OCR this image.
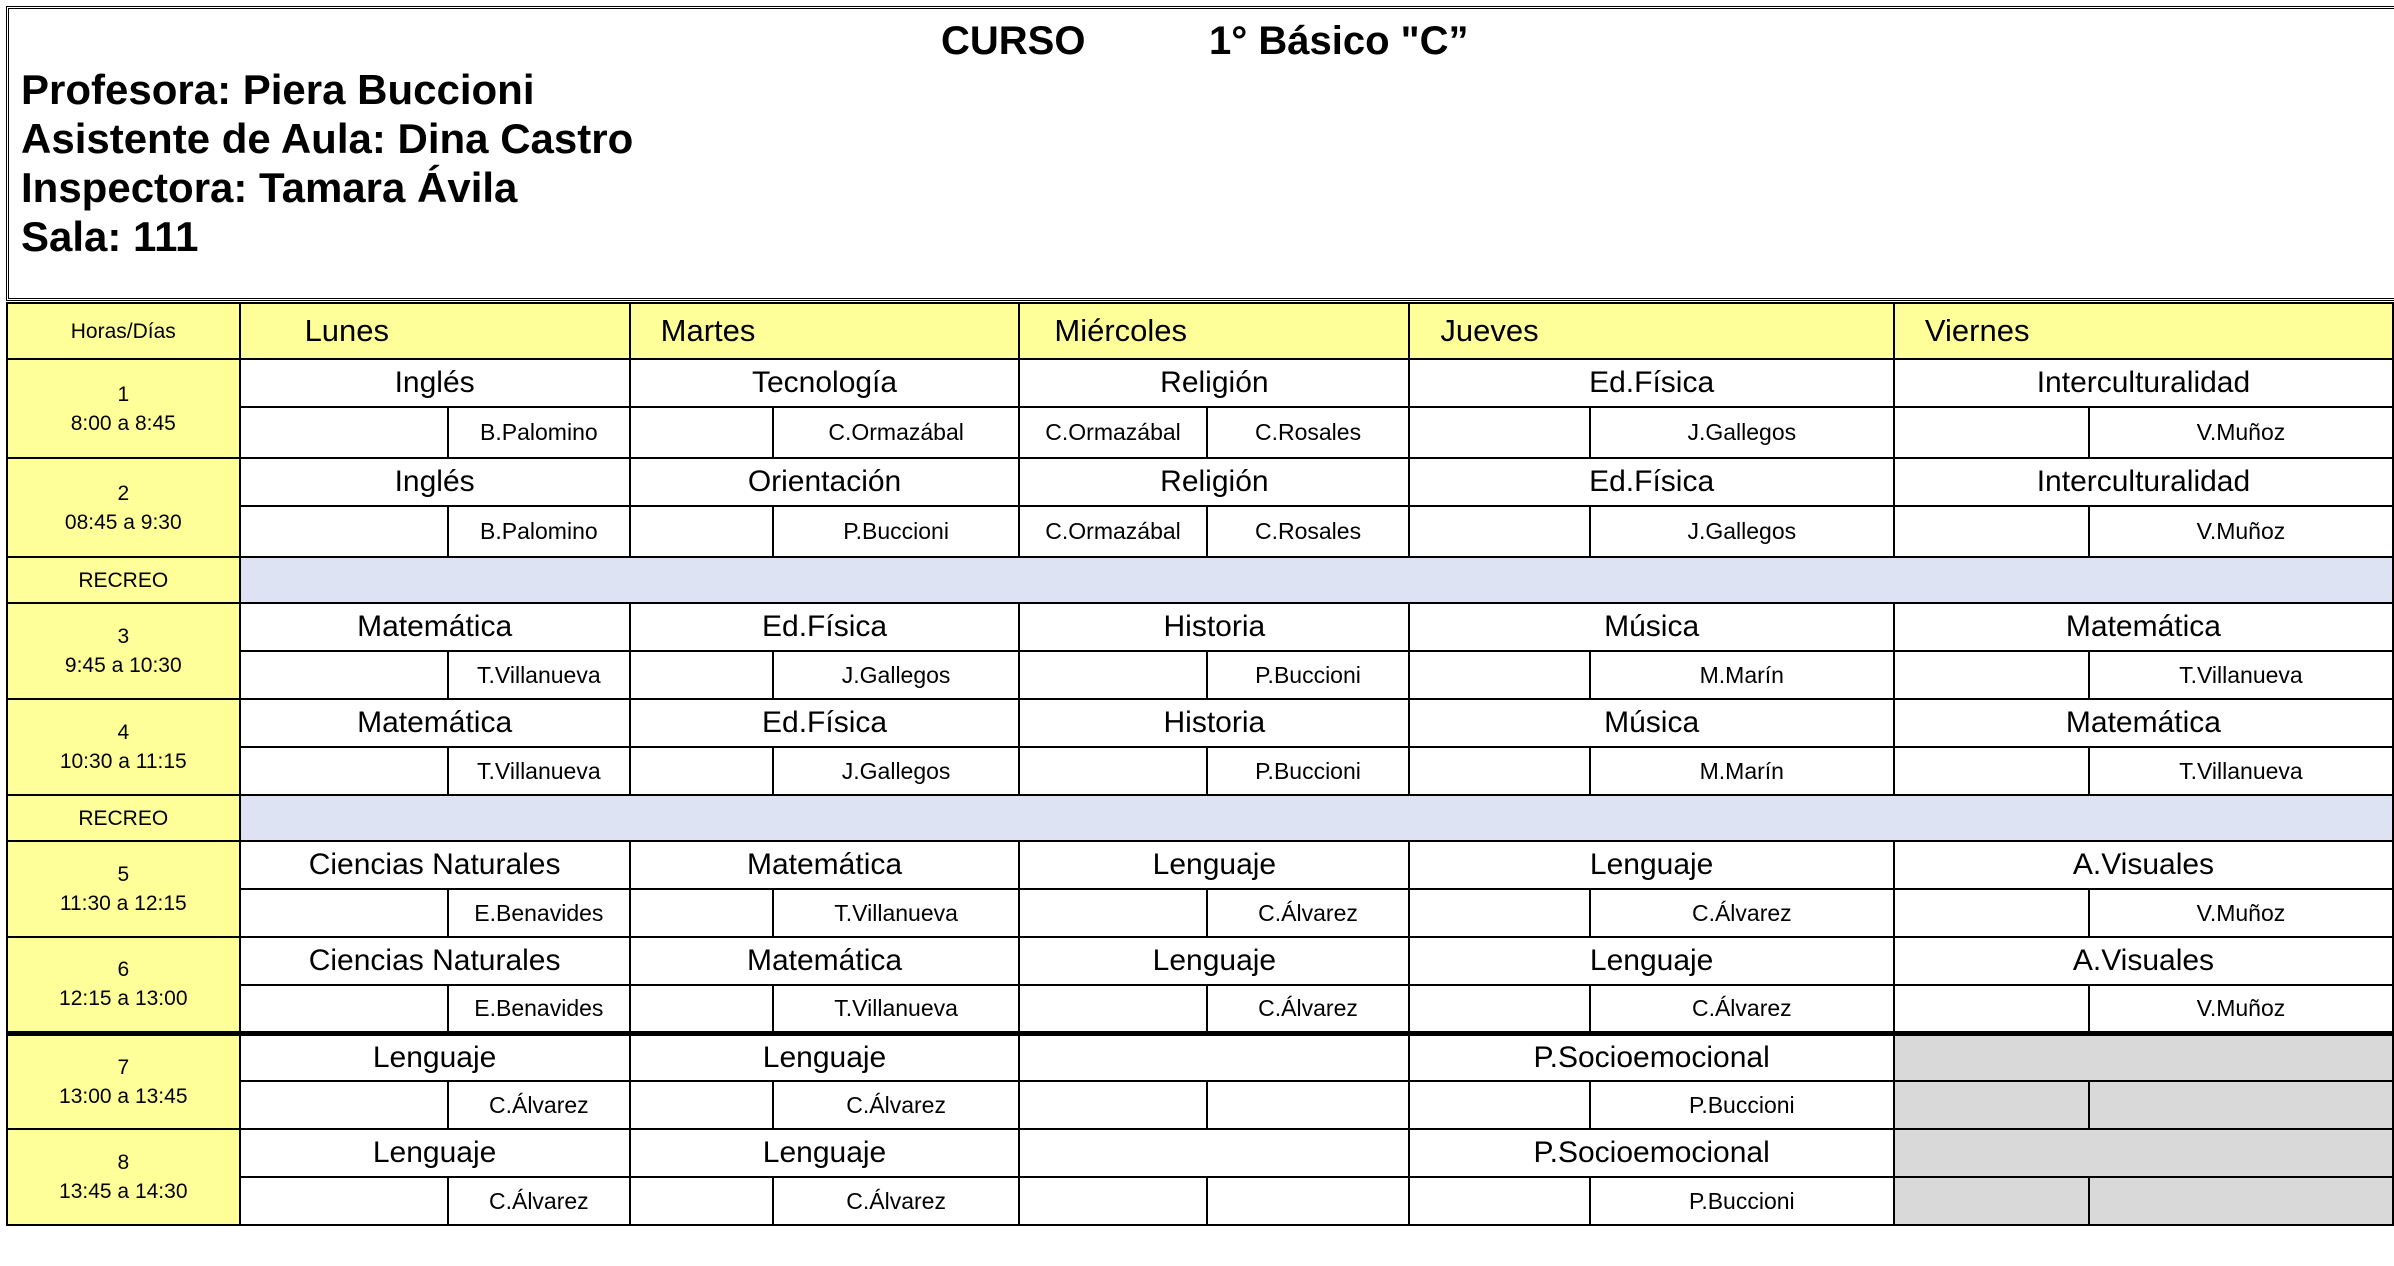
CURSO	1° Básico "C”
Profesora: Piera Buccioni
Asistente de Aula: Dina Castro
Inspectora: Tamara Ávila
Sala: 111
Horas/Días	Lunes		Martes		Miércoles		Jueves		Viernes	

1
8:00 a 8:45	Inglés		Tecnología		Religión		Ed.Física		Interculturalidad	
		B.Palomino		C.Ormazábal	C.Ormazábal	C.Rosales		J.Gallegos		V.Muñoz

2
08:45 a 9:30	Inglés		Orientación		Religión		Ed.Física		Interculturalidad	
		B.Palomino		P.Buccioni	C.Ormazábal	C.Rosales		J.Gallegos		V.Muñoz
RECREO										

3
9:45 a 10:30	Matemática		Ed.Física		Historia		Música		Matemática	
		T.Villanueva		J.Gallegos		P.Buccioni		M.Marín		T.Villanueva

4
10:30 a 11:15	Matemática		Ed.Física		Historia		Música		Matemática	
		T.Villanueva		J.Gallegos		P.Buccioni		M.Marín		T.Villanueva
RECREO										

5
11:30 a 12:15	Ciencias Naturales		Matemática		Lenguaje		Lenguaje		A.Visuales	
		E.Benavides		T.Villanueva		C.Álvarez		C.Álvarez		V.Muñoz

6
12:15 a 13:00	Ciencias Naturales		Matemática		Lenguaje		Lenguaje		A.Visuales	
		E.Benavides		T.Villanueva		C.Álvarez		C.Álvarez		V.Muñoz

7
13:00 a 13:45	Lenguaje		Lenguaje				P.Socioemocional			
		C.Álvarez		C.Álvarez				P.Buccioni		

8
13:45 a 14:30	Lenguaje		Lenguaje				P.Socioemocional			
		C.Álvarez		C.Álvarez				P.Buccioni		
